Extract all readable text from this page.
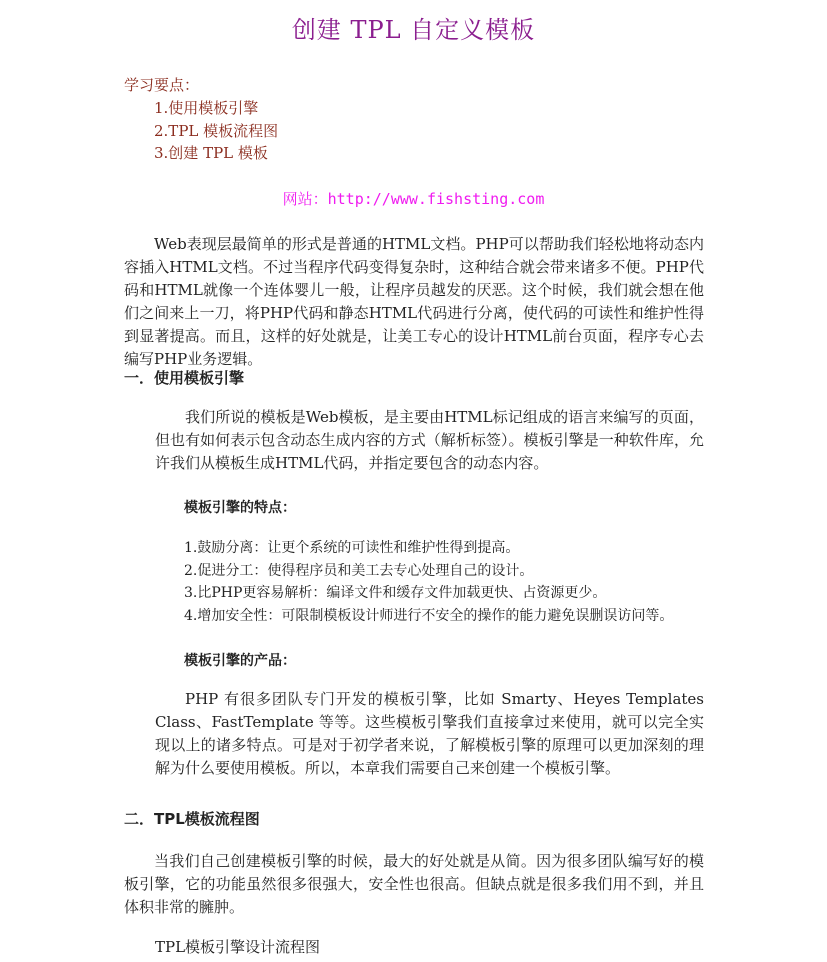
创建 TPL 自定义模板
学习要点：
1.使用模板引擎
2.TPL 模板流程图
3.创建 TPL 模板
网站：http://www.fishsting.com
Web表现层最简单的形式是普通的HTML文档。PHP可以帮助我们轻松地将动态内容插入HTML文档。不过当程序代码变得复杂时，这种结合就会带来诸多不便。PHP代码和HTML就像一个连体婴儿一般，让程序员越发的厌恶。这个时候，我们就会想在他们之间来上一刀，将PHP代码和静态HTML代码进行分离，使代码的可读性和维护性得到显著提高。而且，这样的好处就是，让美工专心的设计HTML前台页面，程序专心去编写PHP业务逻辑。
一．使用模板引擎
我们所说的模板是Web模板，是主要由HTML标记组成的语言来编写的页面，但也有如何表示包含动态生成内容的方式（解析标签）。模板引擎是一种软件库，允许我们从模板生成HTML代码，并指定要包含的动态内容。
模板引擎的特点：
1.鼓励分离：让更个系统的可读性和维护性得到提高。
2.促进分工：使得程序员和美工去专心处理自己的设计。
3.比PHP更容易解析：编译文件和缓存文件加载更快、占资源更少。
4.增加安全性：可限制模板设计师进行不安全的操作的能力避免误删误访问等。
模板引擎的产品：
PHP 有很多团队专门开发的模板引擎，比如 Smarty、Heyes Templates Class、FastTemplate 等等。这些模板引擎我们直接拿过来使用，就可以完全实现以上的诸多特点。可是对于初学者来说，了解模板引擎的原理可以更加深刻的理解为什么要使用模板。所以，本章我们需要自己来创建一个模板引擎。
二．TPL模板流程图
当我们自己创建模板引擎的时候，最大的好处就是从简。因为很多团队编写好的模板引擎，它的功能虽然很多很强大，安全性也很高。但缺点就是很多我们用不到，并且体积非常的臃肿。
TPL模板引擎设计流程图
